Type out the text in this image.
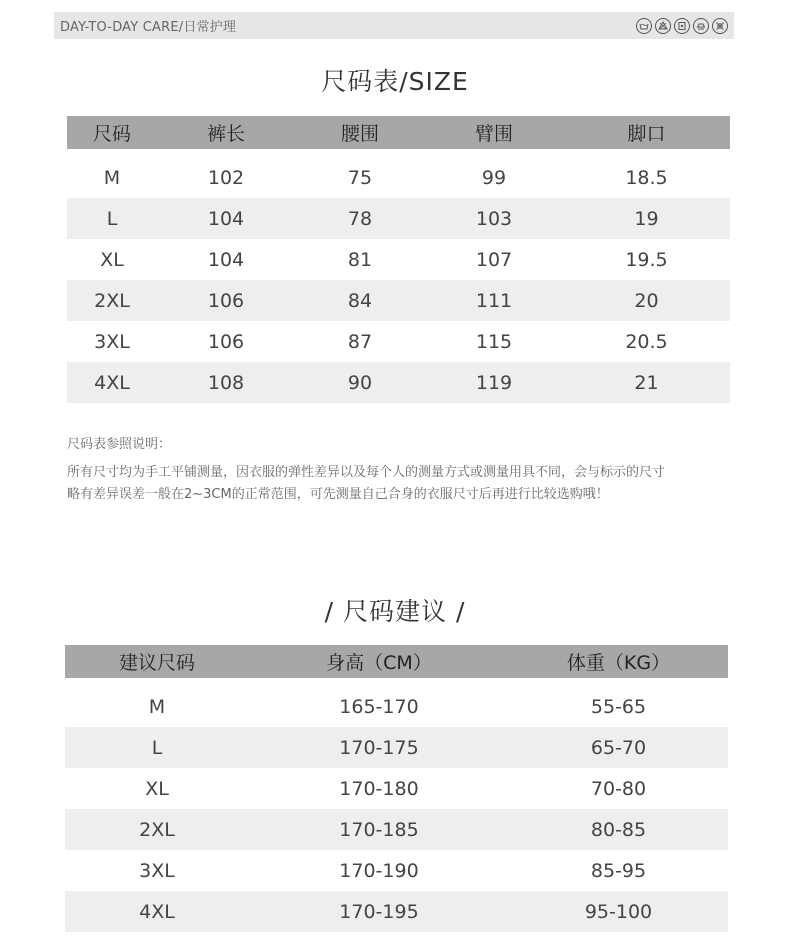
DAY-TO-DAY CARE/日常护理
尺码表/SIZE
尺码	裤长	腰围	臂围	脚口

M	102	75	99	18.5
L	104	78	103	19
XL	104	81	107	19.5
2XL	106	84	111	20
3XL	106	87	115	20.5
4XL	108	90	119	21
尺码表参照说明：
所有尺寸均为手工平铺测量，因衣服的弹性差异以及每个人的测量方式或测量用具不同，会与标示的尺寸
略有差异误差一般在2~3CM的正常范围，可先测量自己合身的衣服尺寸后再进行比较选购哦！
/ 尺码建议 /
建议尺码	身高（CM）	体重（KG）

M	165-170	55-65
L	170-175	65-70
XL	170-180	70-80
2XL	170-185	80-85
3XL	170-190	85-95
4XL	170-195	95-100
